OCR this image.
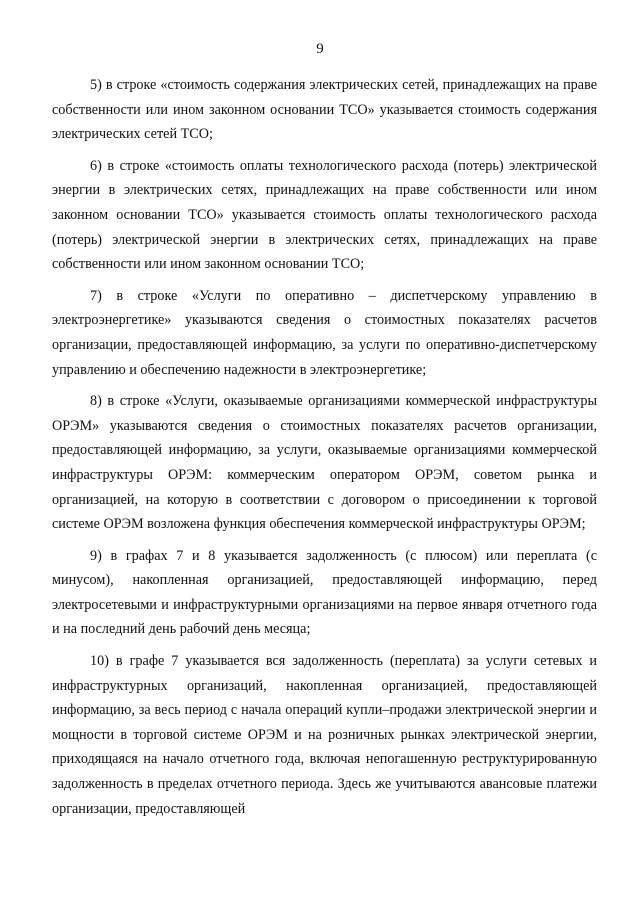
9

5) в строке «стоимость содержания электрических сетей, принадлежащих на праве собственности или ином законном основании ТСО» указывается стоимость содержания электрических сетей ТСО;

6) в строке «стоимость оплаты технологического расхода (потерь) электрической энергии в электрических сетях, принадлежащих на праве собственности или ином законном основании ТСО» указывается стоимость оплаты технологического расхода (потерь) электрической энергии в электрических сетях, принадлежащих на праве собственности или ином законном основании ТСО;

7) в строке «Услуги по оперативно – диспетчерскому управлению в электроэнергетике» указываются сведения о стоимостных показателях расчетов организации, предоставляющей информацию, за услуги по оперативно-диспетчерскому управлению и обеспечению надежности в электроэнергетике;

8) в строке «Услуги, оказываемые организациями коммерческой инфраструктуры ОРЭМ» указываются сведения о стоимостных показателях расчетов организации, предоставляющей информацию, за услуги, оказываемые организациями коммерческой инфраструктуры ОРЭМ: коммерческим оператором ОРЭМ, советом рынка и организацией, на которую в соответствии с договором о присоединении к торговой системе ОРЭМ возложена функция обеспечения коммерческой инфраструктуры ОРЭМ;

9) в графах 7 и 8 указывается задолженность (с плюсом) или переплата (с минусом), накопленная организацией, предоставляющей информацию, перед электросетевыми и инфраструктурными организациями на первое января отчетного года и на последний день рабочий день месяца;

10) в графе 7 указывается вся задолженность (переплата) за услуги сетевых и инфраструктурных организаций, накопленная организацией, предоставляющей информацию, за весь период с начала операций купли–продажи электрической энергии и мощности в торговой системе ОРЭМ и на розничных рынках электрической энергии, приходящаяся на начало отчетного года, включая непогашенную реструктурированную задолженность в пределах отчетного периода. Здесь же учитываются авансовые платежи организации, предоставляющей
